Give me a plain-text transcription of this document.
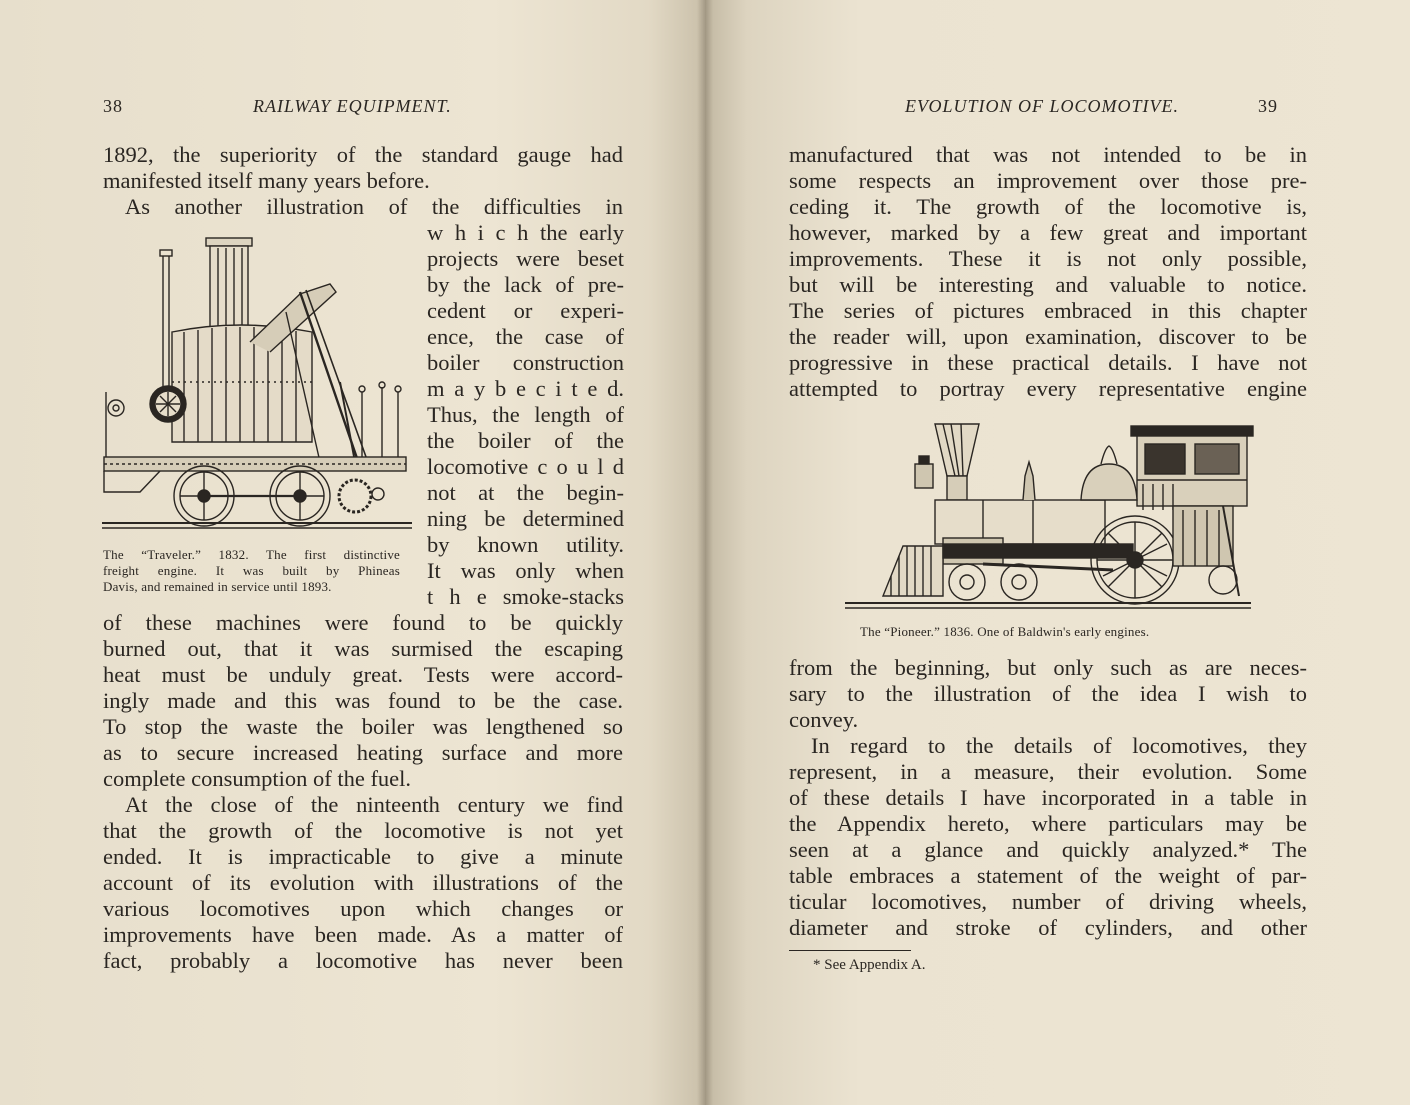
38	RAILWAY EQUIPMENT.
1892, the superiority of the standard gauge had
manifested itself many years before.
As another illustration of the difficulties in
The “Traveler.” 1832. The first distinctive
freight engine. It was built by Phineas
Davis, and remained in service until 1893.
w h i c h the early
projects were beset
by the lack of pre-
cedent or experi-
ence, the case of
boiler construction
m a y b e c i t e d.
Thus, the length of
the boiler of the
locomotive c o u l d
not at the begin-
ning be determined
by known utility.
It was only when
t h e smoke-stacks
of these machines were found to be quickly
burned out, that it was surmised the escaping
heat must be unduly great. Tests were accord-
ingly made and this was found to be the case.
To stop the waste the boiler was lengthened so
as to secure increased heating surface and more
complete consumption of the fuel.
At the close of the ninteenth century we find
that the growth of the locomotive is not yet
ended. It is impracticable to give a minute
account of its evolution with illustrations of the
various locomotives upon which changes or
improvements have been made. As a matter of
fact, probably a locomotive has never been
EVOLUTION OF LOCOMOTIVE.	39
manufactured that was not intended to be in
some respects an improvement over those pre-
ceding it. The growth of the locomotive is,
however, marked by a few great and important
improvements. These it is not only possible,
but will be interesting and valuable to notice.
The series of pictures embraced in this chapter
the reader will, upon examination, discover to be
progressive in these practical details. I have not
attempted to portray every representative engine
The “Pioneer.” 1836. One of Baldwin's early engines.
from the beginning, but only such as are neces-
sary to the illustration of the idea I wish to
convey.
In regard to the details of locomotives, they
represent, in a measure, their evolution. Some
of these details I have incorporated in a table in
the Appendix hereto, where particulars may be
seen at a glance and quickly analyzed.* The
table embraces a statement of the weight of par-
ticular locomotives, number of driving wheels,
diameter and stroke of cylinders, and other
* See Appendix A.
